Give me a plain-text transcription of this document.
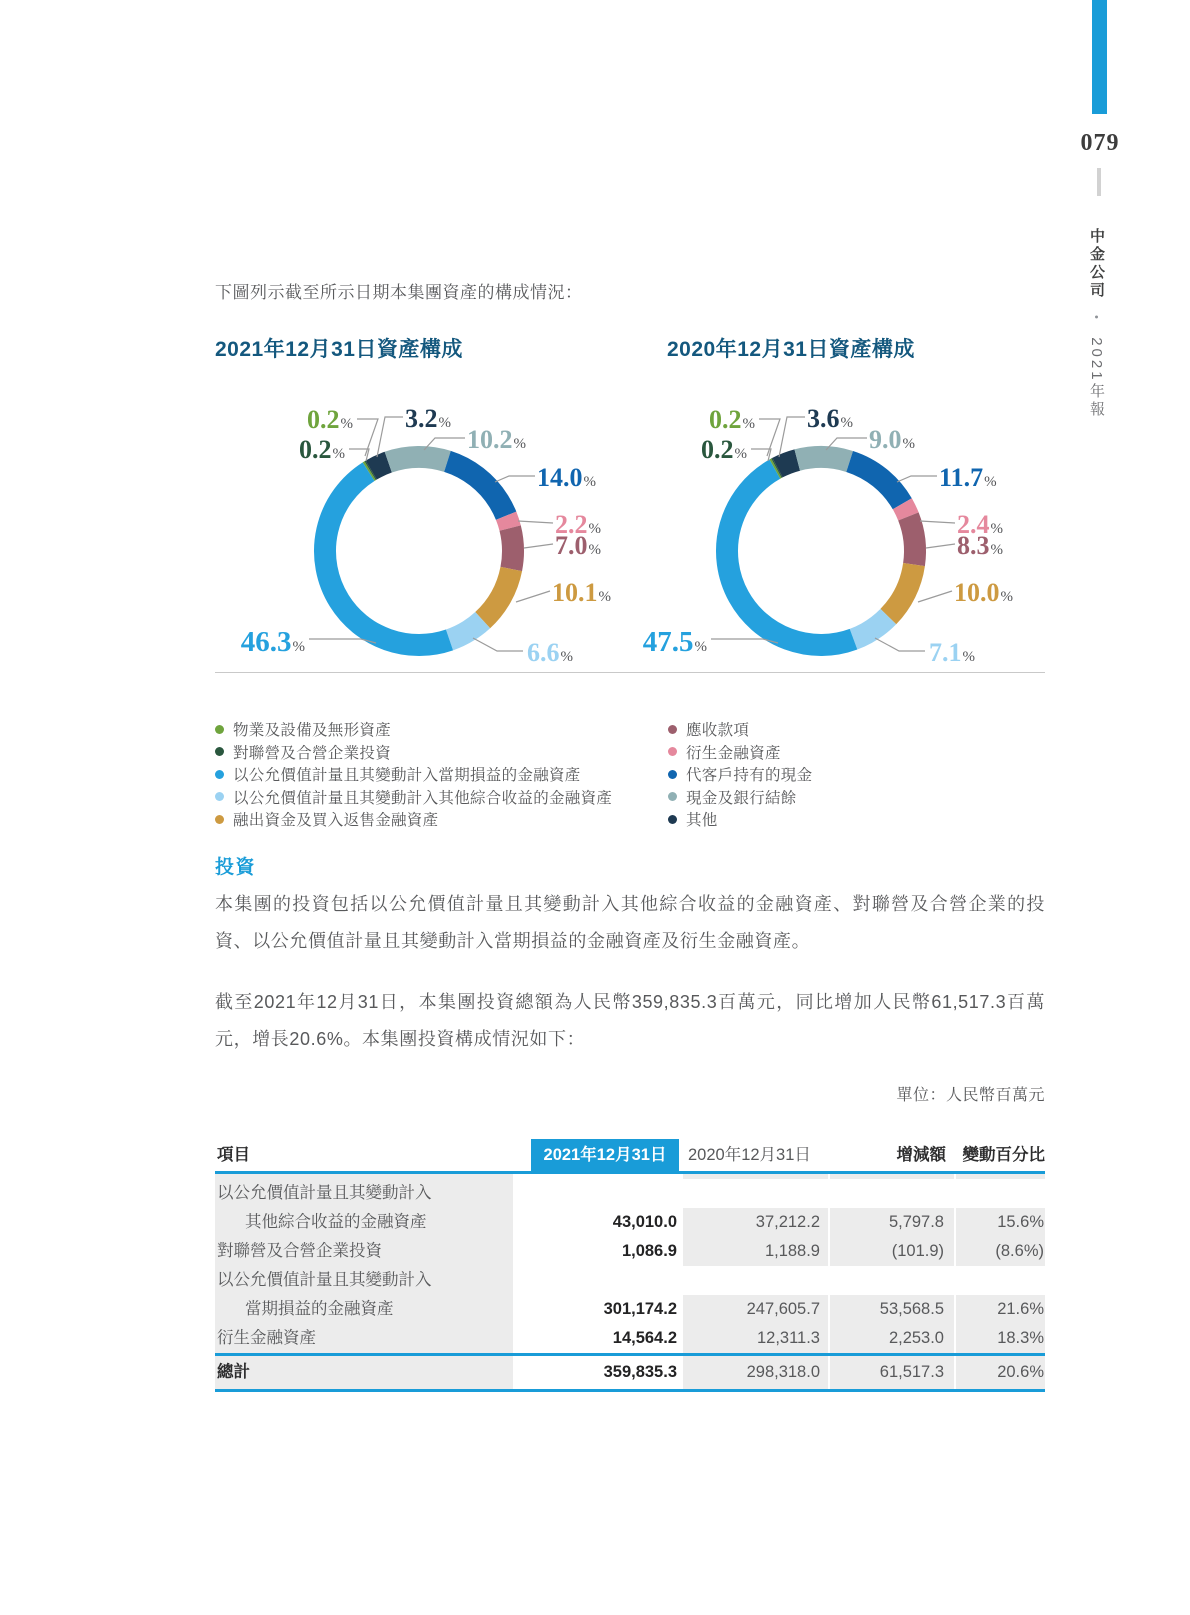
079
中金公司 • 2021年報

下圖列示截至所示日期本集團資產的構成情況：

2021年12月31日資產構成	2020年12月31日資產構成
0.2%
0.2%
3.2%
10.2%
14.0%
2.2%
7.0%
10.1%
6.6%
46.3%
0.2%
0.2%
3.6%
9.0%
11.7%
2.4%
8.3%
10.0%
7.1%
47.5%
物業及設備及無形資產
對聯營及合營企業投資
以公允價值計量且其變動計入當期損益的金融資產
以公允價值計量且其變動計入其他綜合收益的金融資產
融出資金及買入返售金融資產
應收款項
衍生金融資產
代客戶持有的現金
現金及銀行結餘
其他
投資

本集團的投資包括以公允價值計量且其變動計入其他綜合收益的金融資產、對聯營及合營企業的投資、以公允價值計量且其變動計入當期損益的金融資產及衍生金融資產。

截至2021年12月31日，本集團投資總額為人民幣359,835.3百萬元，同比增加人民幣61,517.3百萬元，增長20.6%。本集團投資構成情況如下：

單位：人民幣百萬元
項目	2021年12月31日	2020年12月31日	增減額	變動百分比
以公允價值計量且其變動計入
其他綜合收益的金融資產	43,010.0	37,212.2	5,797.8	15.6%
對聯營及合營企業投資	1,086.9	1,188.9	(101.9)	(8.6%)
以公允價值計量且其變動計入
當期損益的金融資產	301,174.2	247,605.7	53,568.5	21.6%
衍生金融資產	14,564.2	12,311.3	2,253.0	18.3%
總計	359,835.3	298,318.0	61,517.3	20.6%
